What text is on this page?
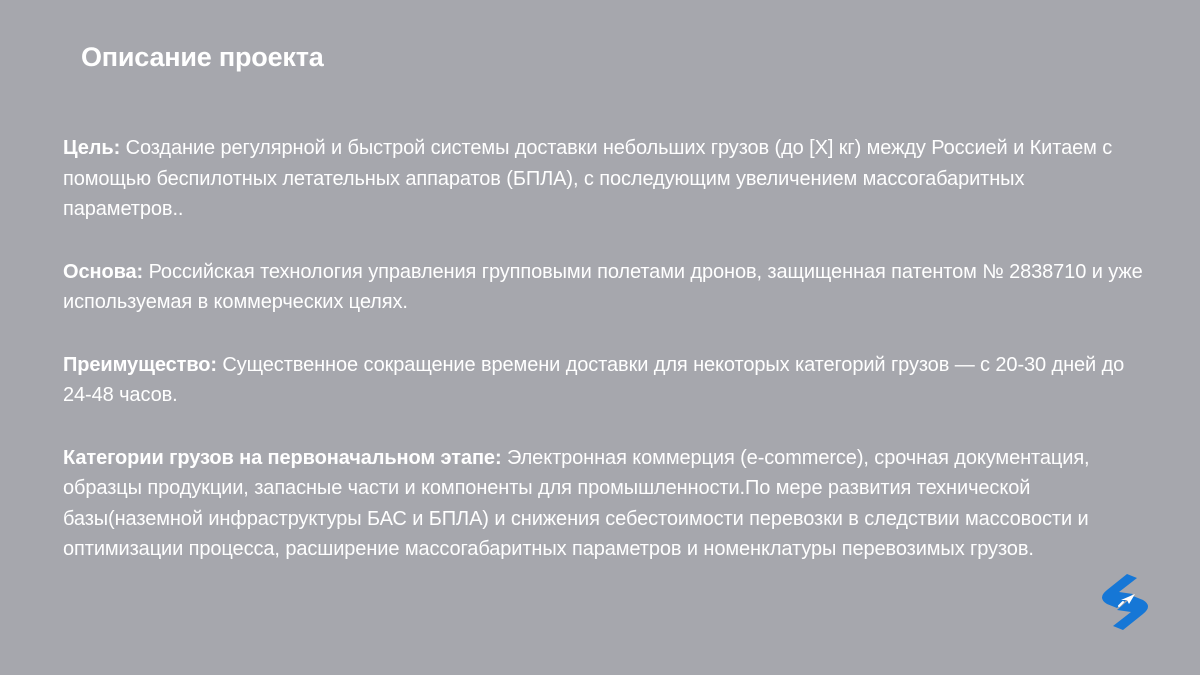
Описание проекта

Цель: Создание регулярной и быстрой системы доставки небольших грузов (до [X] кг) между Россией и Китаем с помощью беспилотных летательных аппаратов (БПЛА), с последующим увеличением массогабаритных параметров..

Основа: Российская технология управления групповыми полетами дронов, защищенная патентом № 2838710 и уже используемая в коммерческих целях.

Преимущество: Существенное сокращение времени доставки для некоторых категорий грузов — с 20-30 дней до 24-48 часов.

Категории грузов на первоначальном этапе: Электронная коммерция (e-commerce), срочная документация, образцы продукции, запасные части и компоненты для промышленности.По мере развития технической базы(наземной инфраструктуры БАС и БПЛА) и снижения себестоимости перевозки в следствии массовости и оптимизации процесса, расширение массогабаритных параметров и номенклатуры перевозимых грузов.
